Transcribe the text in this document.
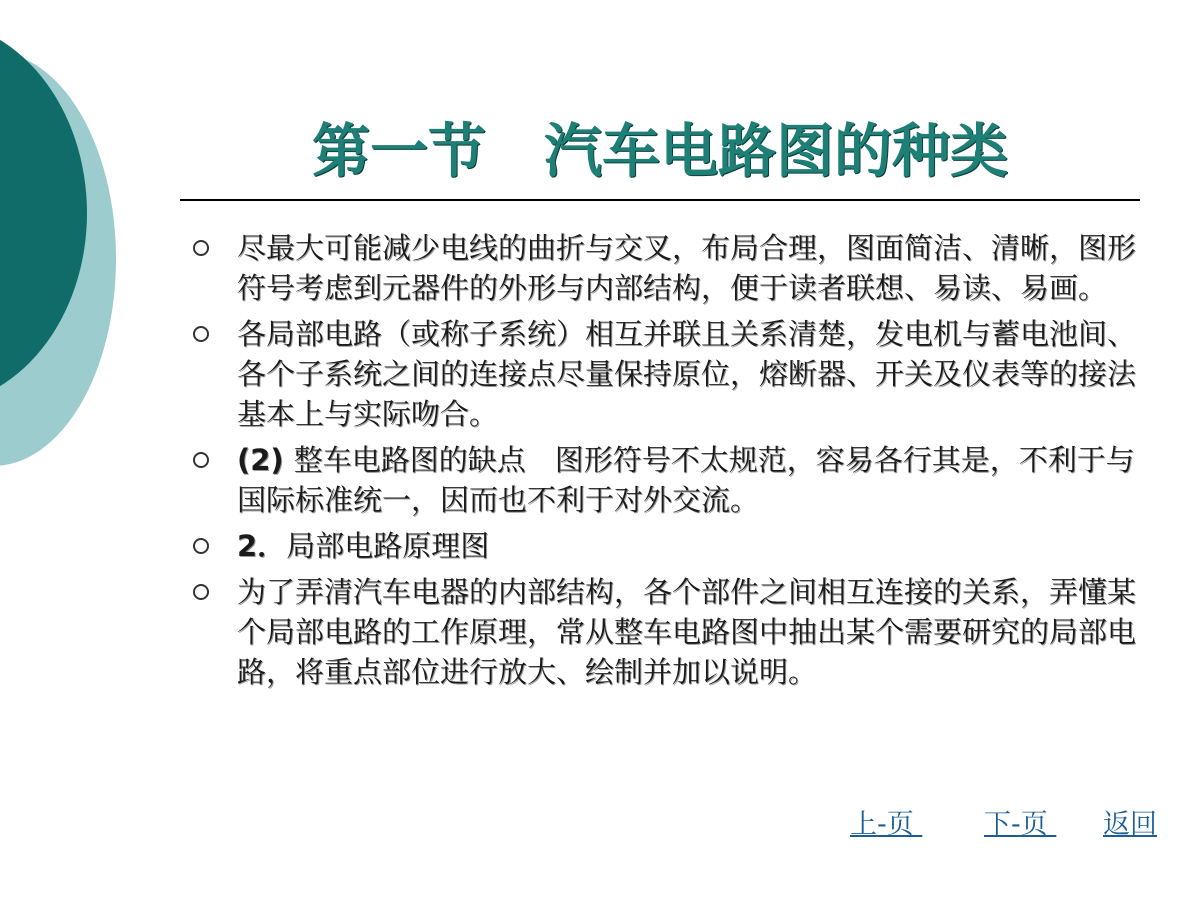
第一节　汽车电路图的种类
尽最大可能减少电线的曲折与交叉，布局合理，图面简洁、清晰，图形符号考虑到元器件的外形与内部结构，便于读者联想、易读、易画。
各局部电路（或称子系统）相互并联且关系清楚，发电机与蓄电池间、各个子系统之间的连接点尽量保持原位，熔断器、开关及仪表等的接法基本上与实际吻合。
(2) 整车电路图的缺点　图形符号不太规范，容易各行其是，不利于与国际标准统一，因而也不利于对外交流。
2．局部电路原理图
为了弄清汽车电器的内部结构，各个部件之间相互连接的关系，弄懂某个局部电路的工作原理，常从整车电路图中抽出某个需要研究的局部电路，将重点部位进行放大、绘制并加以说明。
上-页 下-页 返回
